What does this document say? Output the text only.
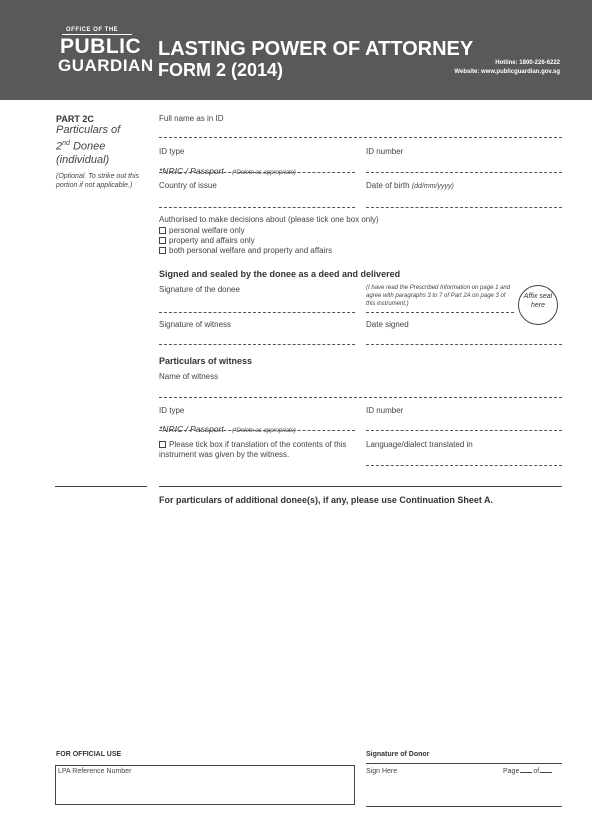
OFFICE OF THE
PUBLIC
GUARDIAN
LASTING POWER OF ATTORNEY
FORM 2 (2014)	Hotline: 1800-226-6222
Website: www.publicguardian.gov.sg
PART 2C
Particulars of
2nd Donee
(individual)
(Optional. To strike out this portion if not applicable.)
Full name as in ID
ID type	ID number
*NRIC / Passport (*Delete as appropriate)
Country of issue	Date of birth (dd/mm/yyyy)
Authorised to make decisions about (please tick one box only)
personal welfare only
property and affairs only
both personal welfare and property and affairs
Signed and sealed by the donee as a deed and delivered
Signature of the donee	(I have read the Prescribed Information on page 1 and agree with paragraphs 3 to 7 of Part 2A on page 3 of this instrument.)
Affix seal here
Signature of witness	Date signed
Particulars of witness
Name of witness
ID type	ID number
*NRIC / Passport (*Delete as appropriate)
Please tick box if translation of the contents of this instrument was given by the witness.
Language/dialect translated in
For particulars of additional donee(s), if any, please use Continuation Sheet A.
FOR OFFICIAL USE
LPA Reference Number
Signature of Donor
Sign Here	Page of
